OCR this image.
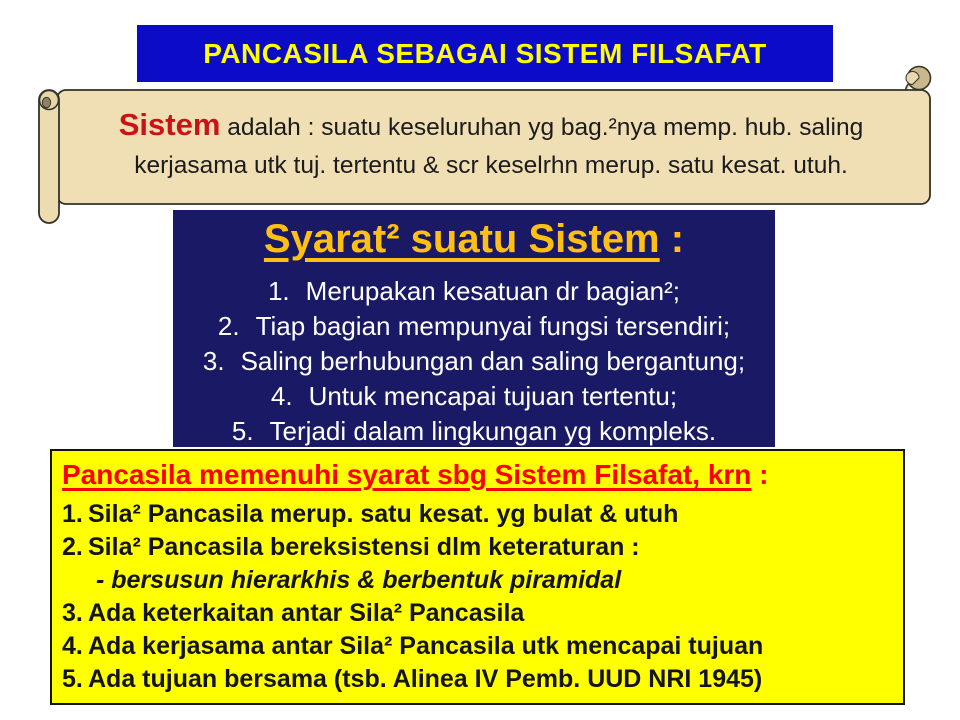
PANCASILA SEBAGAI SISTEM FILSAFAT
Sistem adalah : suatu keseluruhan yg bag.²nya memp. hub. saling
kerjasama utk tuj. tertentu & scr keselrhn merup. satu kesat. utuh.
Syarat² suatu Sistem :
1. Merupakan kesatuan dr bagian²;
2. Tiap bagian mempunyai fungsi tersendiri;
3. Saling berhubungan dan saling bergantung;
4. Untuk mencapai tujuan tertentu;
5. Terjadi dalam lingkungan yg kompleks.
Pancasila memenuhi syarat sbg Sistem Filsafat, krn :
1. Sila² Pancasila merup. satu kesat. yg bulat & utuh
2. Sila² Pancasila bereksistensi dlm keteraturan :
- bersusun hierarkhis & berbentuk piramidal
3. Ada keterkaitan antar Sila² Pancasila
4. Ada kerjasama antar Sila² Pancasila utk mencapai tujuan
5. Ada tujuan bersama (tsb. Alinea IV Pemb. UUD NRI 1945)
